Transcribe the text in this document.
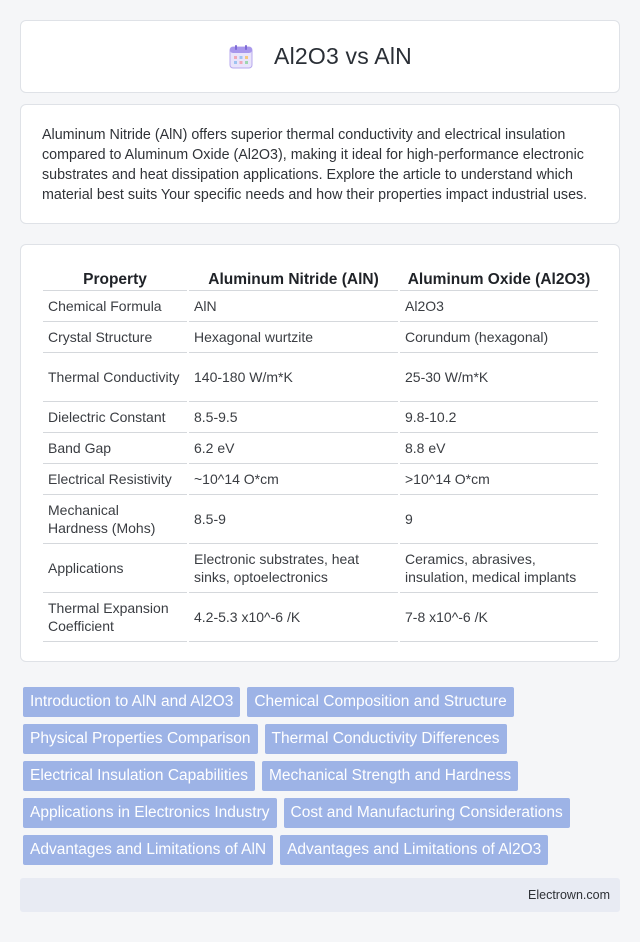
Al2O3 vs AlN

Aluminum Nitride (AlN) offers superior thermal conductivity and electrical insulation compared to Aluminum Oxide (Al2O3), making it ideal for high-performance electronic substrates and heat dissipation applications. Explore the article to understand which material best suits Your specific needs and how their properties impact industrial uses.

Property	Aluminum Nitride (AlN)	Aluminum Oxide (Al2O3)
Chemical Formula	AlN	Al2O3
Crystal Structure	Hexagonal wurtzite	Corundum (hexagonal)
Thermal Conductivity	140-180 W/m*K	25-30 W/m*K
Dielectric Constant	8.5-9.5	9.8-10.2
Band Gap	6.2 eV	8.8 eV
Electrical Resistivity	~10^14 O*cm	>10^14 O*cm
Mechanical Hardness (Mohs)	8.5-9	9
Applications	Electronic substrates, heat sinks, optoelectronics	Ceramics, abrasives, insulation, medical implants
Thermal Expansion Coefficient	4.2-5.3 x10^-6 /K	7-8 x10^-6 /K
Introduction to AlN and Al2O3	Chemical Composition and Structure
Physical Properties Comparison	Thermal Conductivity Differences
Electrical Insulation Capabilities	Mechanical Strength and Hardness
Applications in Electronics Industry	Cost and Manufacturing Considerations
Advantages and Limitations of AlN	Advantages and Limitations of Al2O3
Electrown.com
